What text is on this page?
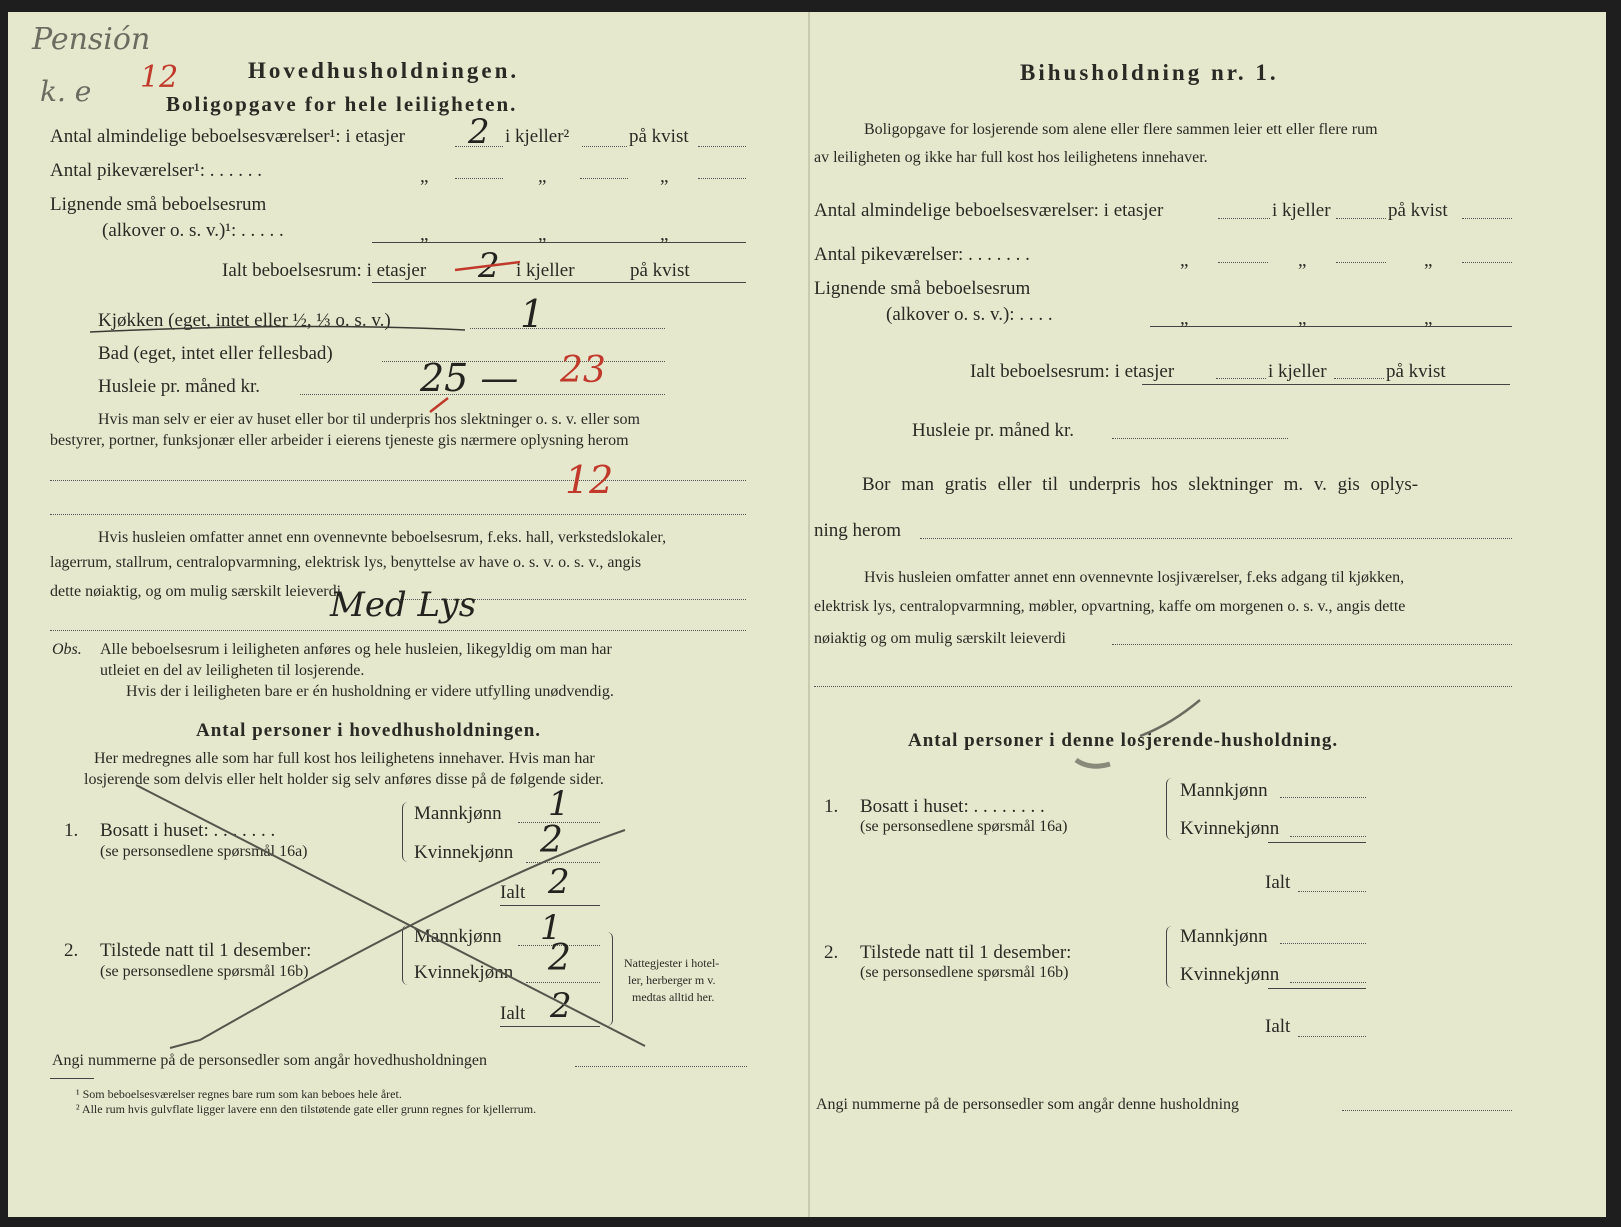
Pensión
k. e 12	Hovedhusholdningen.
Boligopgave for hele leiligheten.
Antal almindelige beboelsesværelser¹: i etasjer 2 i kjeller²	på kvist
Antal pikeværelser¹: . . . . . .	„	„	„
Lignende små beboelsesrum
(alkover o. s. v.)¹: . . . . .	„	„	„
Ialt beboelsesrum: i etasjer 2 i kjeller	på kvist
Kjøkken (eget, intet eller ½, ⅓ o. s. v.)	1
Bad (eget, intet eller fellesbad)
Husleie pr. måned kr.	25 — 23
Hvis man selv er eier av huset eller bor til underpris hos slektninger o. s. v. eller som
bestyrer, portner, funksjonær eller arbeider i eierens tjeneste gis nærmere oplysning herom
12
Hvis husleien omfatter annet enn ovennevnte beboelsesrum, f.eks. hall, verkstedslokaler,
lagerrum, stallrum, centralopvarmning, elektrisk lys, benyttelse av have o. s. v. o. s. v., angis
dette nøiaktig, og om mulig særskilt leieverdi
Med Lys
Obs. Alle beboelsesrum i leiligheten anføres og hele husleien, likegyldig om man har
utleiet en del av leiligheten til losjerende.
Hvis der i leiligheten bare er én husholdning er videre utfylling unødvendig.
Antal personer i hovedhusholdningen.
Her medregnes alle som har full kost hos leilighetens innehaver. Hvis man har
losjerende som delvis eller helt holder sig selv anføres disse på de følgende sider.
1. Bosatt i huset: . . . . . . .
(se personsedlene spørsmål 16a)
Mannkjønn 1
Kvinnekjønn 2
Ialt 2
2. Tilstede natt til 1 desember:
(se personsedlene spørsmål 16b)
Mannkjønn 1
Kvinnekjønn 2
Ialt 2
Nattegjester i hotel-
ler, herberger m v.
medtas alltid her.
Angi nummerne på de personsedler som angår hovedhusholdningen
¹ Som beboelsesværelser regnes bare rum som kan beboes hele året.
² Alle rum hvis gulvflate ligger lavere enn den tilstøtende gate eller grunn regnes for kjellerrum.
Bihusholdning nr. 1.
Boligopgave for losjerende som alene eller flere sammen leier ett eller flere rum
av leiligheten og ikke har full kost hos leilighetens innehaver.
Antal almindelige beboelsesværelser: i etasjer	i kjeller	på kvist
Antal pikeværelser: . . . . . . .	„	„	„
Lignende små beboelsesrum
(alkover o. s. v.): . . . .	„	„	„
Ialt beboelsesrum: i etasjer	i kjeller	på kvist
Husleie pr. måned kr.
Bor man gratis eller til underpris hos slektninger m. v. gis oplys-
ning herom
Hvis husleien omfatter annet enn ovennevnte losjiværelser, f.eks adgang til kjøkken,
elektrisk lys, centralopvarmning, møbler, opvartning, kaffe om morgenen o. s. v., angis dette
nøiaktig og om mulig særskilt leieverdi
Antal personer i denne losjerende-husholdning.
1. Bosatt i huset: . . . . . . . .
(se personsedlene spørsmål 16a)
Mannkjønn
Kvinnekjønn
Ialt
2. Tilstede natt til 1 desember:
(se personsedlene spørsmål 16b)
Mannkjønn
Kvinnekjønn
Ialt
Angi nummerne på de personsedler som angår denne husholdning
